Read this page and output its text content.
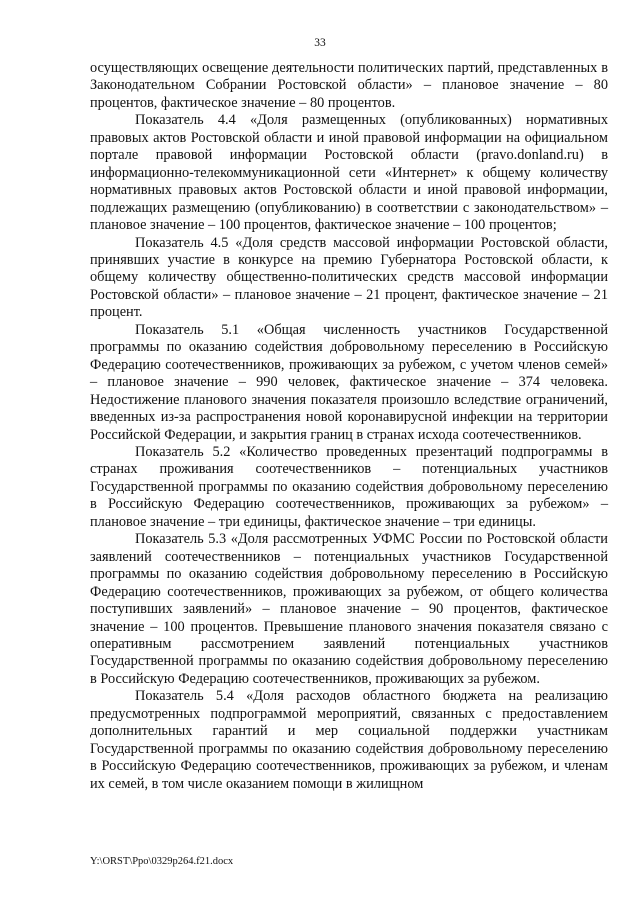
33

осуществляющих освещение деятельности политических партий, представленных в Законодательном Собрании Ростовской области» – плановое значение – 80 процентов, фактическое значение – 80 процентов.

Показатель 4.4 «Доля размещенных (опубликованных) нормативных правовых актов Ростовской области и иной правовой информации на официальном портале правовой информации Ростовской области (pravo.donland.ru) в информационно-телекоммуникационной сети «Интернет» к общему количеству нормативных правовых актов Ростовской области и иной правовой информации, подлежащих размещению (опубликованию) в соответствии с законодательством» – плановое значение – 100 процентов, фактическое значение – 100 процентов;

Показатель 4.5 «Доля средств массовой информации Ростовской области, принявших участие в конкурсе на премию Губернатора Ростовской области, к общему количеству общественно-политических средств массовой информации Ростовской области» – плановое значение – 21 процент, фактическое значение – 21 процент.

Показатель 5.1 «Общая численность участников Государственной программы по оказанию содействия добровольному переселению в Российскую Федерацию соотечественников, проживающих за рубежом, с учетом членов семей» – плановое значение – 990 человек, фактическое значение – 374 человека. Недостижение планового значения показателя произошло вследствие ограничений, введенных из-за распространения новой коронавирусной инфекции на территории Российской Федерации, и закрытия границ в странах исхода соотечественников.

Показатель 5.2 «Количество проведенных презентаций подпрограммы в странах проживания соотечественников – потенциальных участников Государственной программы по оказанию содействия добровольному переселению в Российскую Федерацию соотечественников, проживающих за рубежом» – плановое значение – три единицы, фактическое значение – три единицы.

Показатель 5.3 «Доля рассмотренных УФМС России по Ростовской области заявлений соотечественников – потенциальных участников Государственной программы по оказанию содействия добровольному переселению в Российскую Федерацию соотечественников, проживающих за рубежом, от общего количества поступивших заявлений» – плановое значение – 90 процентов, фактическое значение – 100 процентов. Превышение планового значения показателя связано с оперативным рассмотрением заявлений потенциальных участников Государственной программы по оказанию содействия добровольному переселению в Российскую Федерацию соотечественников, проживающих за рубежом.

Показатель 5.4 «Доля расходов областного бюджета на реализацию предусмотренных подпрограммой мероприятий, связанных с предоставлением дополнительных гарантий и мер социальной поддержки участникам Государственной программы по оказанию содействия добровольному переселению в Российскую Федерацию соотечественников, проживающих за рубежом, и членам их семей, в том числе оказанием помощи в жилищном

Y:\ORST\Ppo\0329p264.f21.docx
